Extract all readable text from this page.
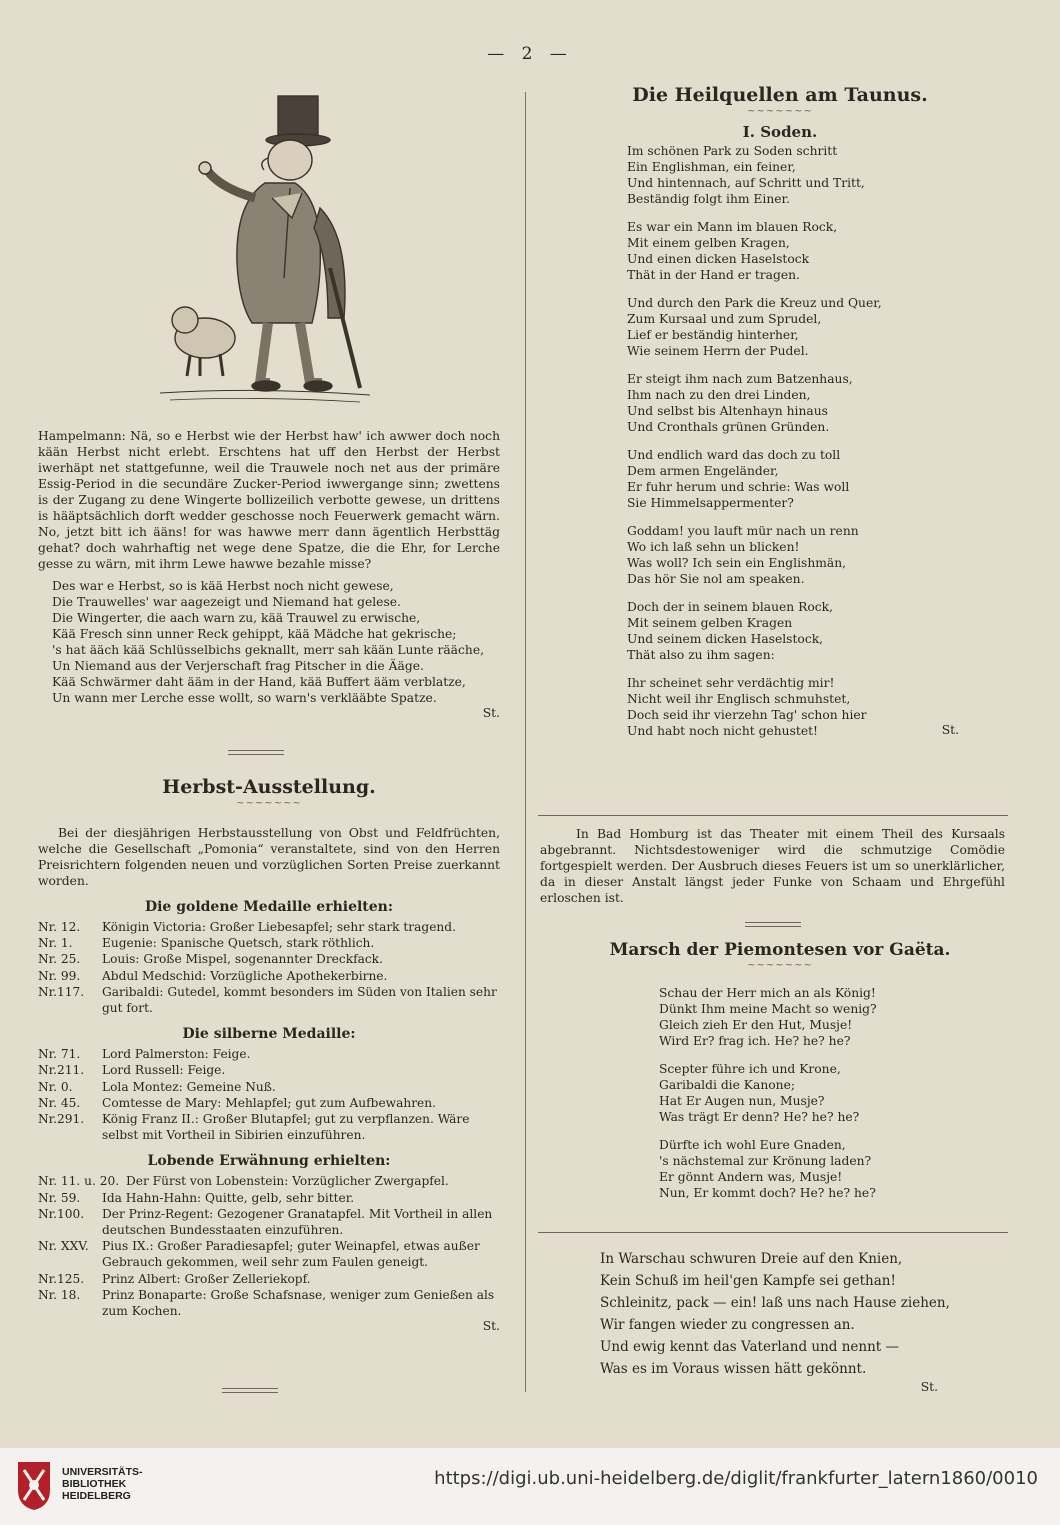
— 2 —

Hampelmann: Nä, so e Herbst wie der Herbst haw' ich awwer doch noch kään Herbst nicht erlebt. Erschtens hat uff den Herbst der Herbst iwerhäpt net stattgefunne, weil die Trauwele noch net aus der primäre Essig-Period in die secundäre Zucker-Period iwwergange sinn; zwettens is der Zugang zu dene Wingerte bollizeilich verbotte gewese, un drittens is hääptsächlich dorft wedder geschosse noch Feuerwerk gemacht wärn. No, jetzt bitt ich ääns! for was hawwe merr dann ägentlich Herbsttäg gehat? doch wahrhaftig net wege dene Spatze, die die Ehr, for Lerche gesse zu wärn, mit ihrm Lewe hawwe bezahle misse?

Des war e Herbst, so is kää Herbst noch nicht gewese,
Die Trauwelles' war aagezeigt und Niemand hat gelese.
Die Wingerter, die aach warn zu, kää Trauwel zu erwische,
Kää Fresch sinn unner Reck gehippt, kää Mädche hat gekrische;
's hat ääch kää Schlüsselbichs geknallt, merr sah kään Lunte rääche,
Un Niemand aus der Verjerschaft frag Pitscher in die Ääge.
Kää Schwärmer daht ääm in der Hand, kää Buffert ääm verblatze,
Un wann mer Lerche esse wollt, so warn's verklääbte Spatze.
St.
Herbst-Ausstellung.
~~~~~~~

Bei der diesjährigen Herbstausstellung von Obst und Feldfrüchten, welche die Gesellschaft „Pomonia“ veranstaltete, sind von den Herren Preisrichtern folgenden neuen und vorzüglichen Sorten Preise zuerkannt worden.

Die goldene Medaille erhielten:
Nr. 12.	Königin Victoria: Großer Liebesapfel; sehr stark tragend.
Nr. 1.	Eugenie: Spanische Quetsch, stark röthlich.
Nr. 25.	Louis: Große Mispel, sogenannter Dreckfack.
Nr. 99.	Abdul Medschid: Vorzügliche Apothekerbirne.
Nr.117.	Garibaldi: Gutedel, kommt besonders im Süden von Italien sehr gut fort.
Die silberne Medaille:
Nr. 71.	Lord Palmerston: Feige.
Nr.211.	Lord Russell: Feige.
Nr. 0.	Lola Montez: Gemeine Nuß.
Nr. 45.	Comtesse de Mary: Mehlapfel; gut zum Aufbewahren.
Nr.291.	König Franz II.: Großer Blutapfel; gut zu verpflanzen. Wäre selbst mit Vortheil in Sibirien einzuführen.
Lobende Erwähnung erhielten:
Nr. 11. u. 20. Der Fürst von Lobenstein: Vorzüglicher Zwergapfel.
Nr. 59.	Ida Hahn-Hahn: Quitte, gelb, sehr bitter.
Nr.100.	Der Prinz-Regent: Gezogener Granatapfel. Mit Vortheil in allen deutschen Bundesstaaten einzuführen.
Nr. XXV.	Pius IX.: Großer Paradiesapfel; guter Weinapfel, etwas außer Gebrauch gekommen, weil sehr zum Faulen geneigt.
Nr.125.	Prinz Albert: Großer Zelleriekopf.
Nr. 18.	Prinz Bonaparte: Große Schafsnase, weniger zum Genießen als zum Kochen.
St.
Die Heilquellen am Taunus.
~~~~~~~
I. Soden.
Im schönen Park zu Soden schritt
Ein Englishman, ein feiner,
Und hintennach, auf Schritt und Tritt,
Beständig folgt ihm Einer.
Es war ein Mann im blauen Rock,
Mit einem gelben Kragen,
Und einen dicken Haselstock
Thät in der Hand er tragen.
Und durch den Park die Kreuz und Quer,
Zum Kursaal und zum Sprudel,
Lief er beständig hinterher,
Wie seinem Herrn der Pudel.
Er steigt ihm nach zum Batzenhaus,
Ihm nach zu den drei Linden,
Und selbst bis Altenhayn hinaus
Und Cronthals grünen Gründen.
Und endlich ward das doch zu toll
Dem armen Engeländer,
Er fuhr herum und schrie: Was woll
Sie Himmelsappermenter?
Goddam! you lauft mür nach un renn
Wo ich laß sehn un blicken!
Was woll? Ich sein ein Englishmän,
Das hör Sie nol am speaken.
Doch der in seinem blauen Rock,
Mit seinem gelben Kragen
Und seinem dicken Haselstock,
Thät also zu ihm sagen:
Ihr scheinet sehr verdächtig mir!
Nicht weil ihr Englisch schmuhstet,
Doch seid ihr vierzehn Tag' schon hier
Und habt noch nicht gehustet!	St.

In Bad Homburg ist das Theater mit einem Theil des Kursaals abgebrannt. Nichtsdestoweniger wird die schmutzige Comödie fortgespielt werden. Der Ausbruch dieses Feuers ist um so unerklärlicher, da in dieser Anstalt längst jeder Funke von Schaam und Ehrgefühl erloschen ist.

Marsch der Piemontesen vor Gaëta.
~~~~~~~
Schau der Herr mich an als König!
Dünkt Ihm meine Macht so wenig?
Gleich zieh Er den Hut, Musje!
Wird Er? frag ich. He? he? he?
Scepter führe ich und Krone,
Garibaldi die Kanone;
Hat Er Augen nun, Musje?
Was trägt Er denn? He? he? he?
Dürfte ich wohl Eure Gnaden,
's nächstemal zur Krönung laden?
Er gönnt Andern was, Musje!
Nun, Er kommt doch? He? he? he?
In Warschau schwuren Dreie auf den Knien,
Kein Schuß im heil'gen Kampfe sei gethan!
Schleinitz, pack — ein! laß uns nach Hause ziehen,
Wir fangen wieder zu congressen an.
Und ewig kennt das Vaterland und nennt —
Was es im Voraus wissen hätt gekönnt.
St.
UNIVERSITÄTS-
BIBLIOTHEK
HEIDELBERG
https://digi.ub.uni-heidelberg.de/diglit/frankfurter_latern1860/0010
